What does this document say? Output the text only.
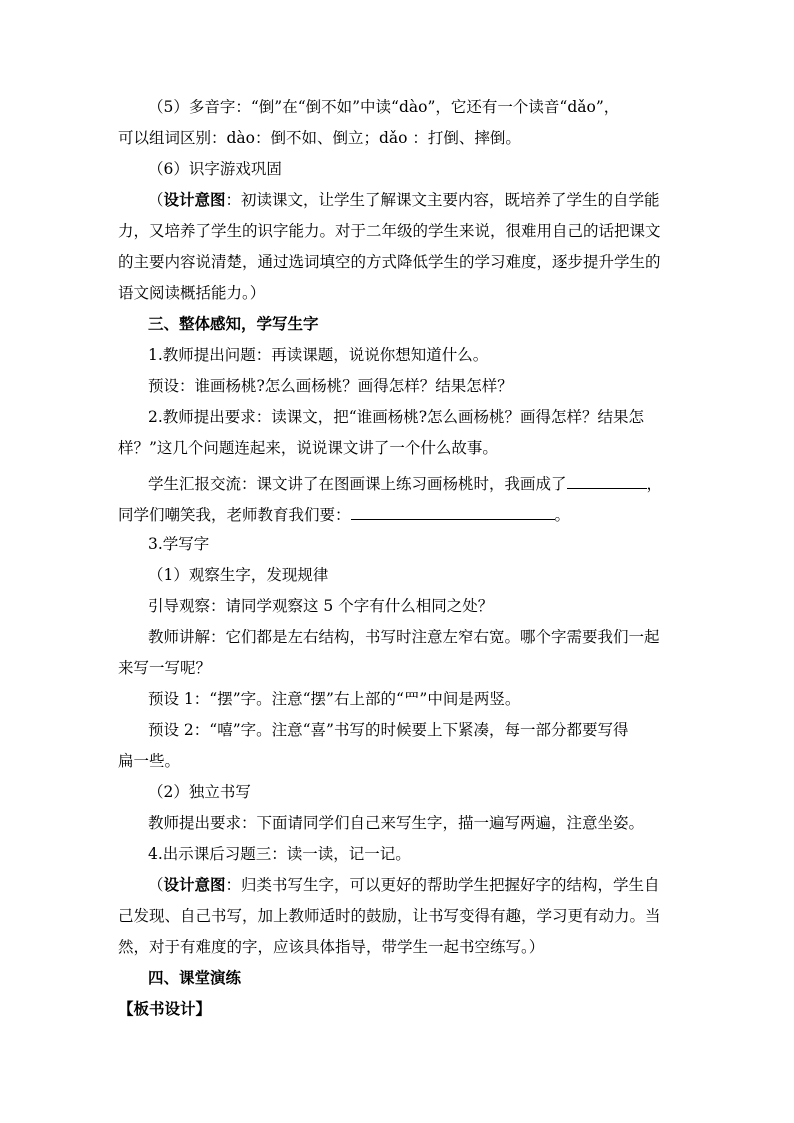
（5）多音字：“倒”在“倒不如”中读“dào”，它还有一个读音“dǎo”，
可以组词区别：dào：倒不如、倒立；dǎo ：打倒、摔倒。
（6）识字游戏巩固
（设计意图：初读课文，让学生了解课文主要内容，既培养了学生的自学能
力，又培养了学生的识字能力。对于二年级的学生来说，很难用自己的话把课文
的主要内容说清楚，通过选词填空的方式降低学生的学习难度，逐步提升学生的
语文阅读概括能力。）
三、整体感知，学写生字
1.教师提出问题：再读课题，说说你想知道什么。
预设：谁画杨桃?怎么画杨桃？画得怎样？结果怎样？
2.教师提出要求：读课文，把“谁画杨桃?怎么画杨桃？画得怎样？结果怎
样？”这几个问题连起来，说说课文讲了一个什么故事。
学生汇报交流：课文讲了在图画课上练习画杨桃时，我画成了	，
同学们嘲笑我，老师教育我们要：	。
3.学写字
（1）观察生字，发现规律
引导观察：请同学观察这 5 个字有什么相同之处？
教师讲解：它们都是左右结构，书写时注意左窄右宽。哪个字需要我们一起
来写一写呢？
预设 1：“摆”字。注意“摆”右上部的“罒”中间是两竖。
预设 2：“嘻”字。注意“喜”书写的时候要上下紧凑，每一部分都要写得
扁一些。
（2）独立书写
教师提出要求：下面请同学们自己来写生字，描一遍写两遍，注意坐姿。
4.出示课后习题三：读一读，记一记。
（设计意图：归类书写生字，可以更好的帮助学生把握好字的结构，学生自
己发现、自己书写，加上教师适时的鼓励，让书写变得有趣，学习更有动力。当
然，对于有难度的字，应该具体指导，带学生一起书空练写。）
四、课堂演练
【板书设计】
